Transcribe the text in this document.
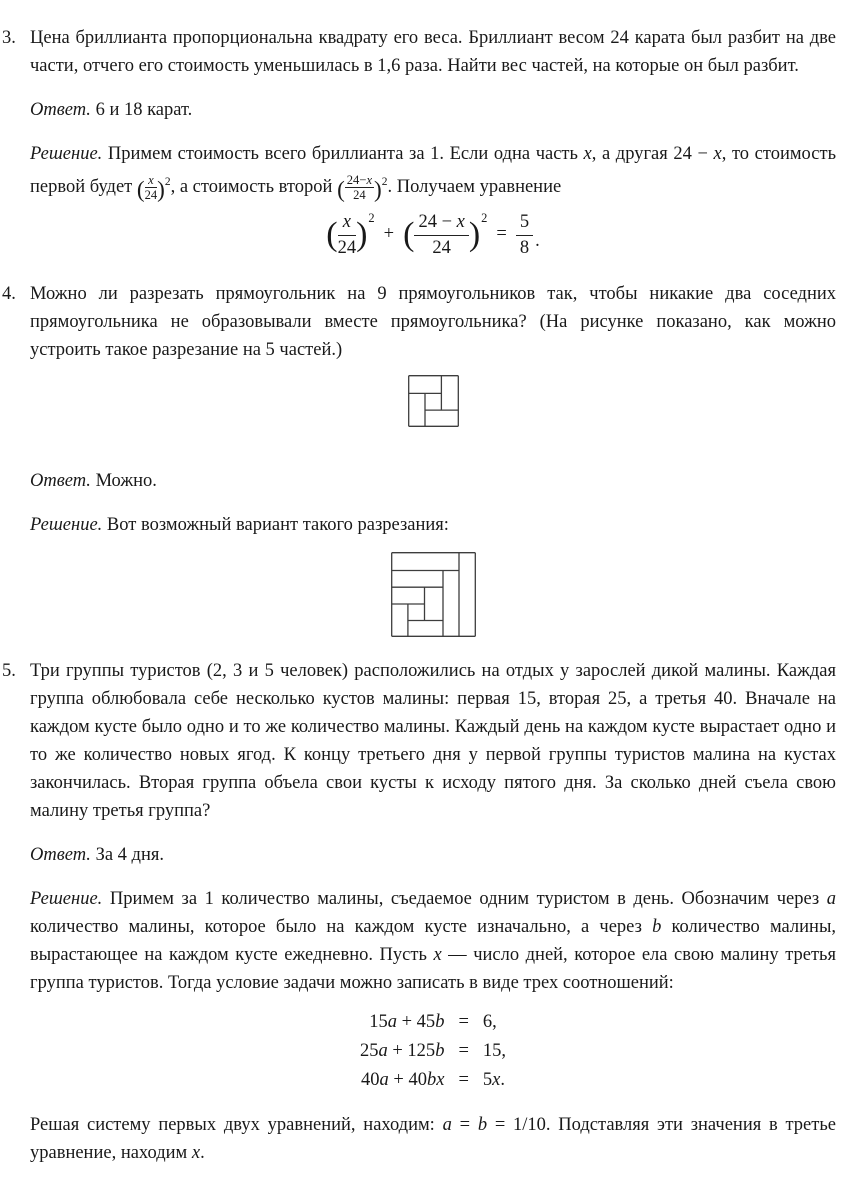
3. Цена бриллианта пропорциональна квадрату его веса. Бриллиант весом 24 карата был разбит на две части, отчего его стоимость уменьшилась в 1,6 раза. Найти вес частей, на которые он был разбит.

Ответ. 6 и 18 карат.

Решение. Примем стоимость всего бриллианта за 1. Если одна часть x, а другая 24 − x, то стоимость первой будет ( $\frac{x}{24} )^2$, а стоимость второй ( $\frac{24-x}{24} )^2$. Получаем уравнение

( x
24 ) 2
+ ( 24 − x
24 ) 2
= $\frac{5}{8}$ .
4. Можно ли разрезать прямоугольник на 9 прямоугольников так, чтобы никакие два соседних прямоугольника не образовывали вместе прямоугольника? (На рисунке показано, как можно устроить такое разрезание на 5 частей.)

Ответ. Можно.

Решение. Вот возможный вариант такого разрезания:

5. Три группы туристов (2, 3 и 5 человек) расположились на отдых у зарослей дикой малины. Каждая группа облюбовала себе несколько кустов малины: первая 15, вторая 25, а третья 40. Вначале на каждом кусте было одно и то же количество малины. Каждый день на каждом кусте вырастает одно и то же количество новых ягод. К концу третьего дня у первой группы туристов малина на кустах закончилась. Вторая группа объела свои кусты к исходу пятого дня. За сколько дней съела свою малину третья группа?

Ответ. За 4 дня.

Решение. Примем за 1 количество малины, съедаемое одним туристом в день. Обозначим через a количество малины, которое было на каждом кусте изначально, а через b количество малины, вырастающее на каждом кусте ежедневно. Пусть x — число дней, которое ела свою малину третья группа туристов. Тогда условие задачи можно записать в виде трех соотношений:

15a + 45b = 6,
25a + 125b = 15,
40a + 40bx = 5x.

Решая систему первых двух уравнений, находим: a = b = 1/10. Подставляя эти значения в третье уравнение, находим x.
